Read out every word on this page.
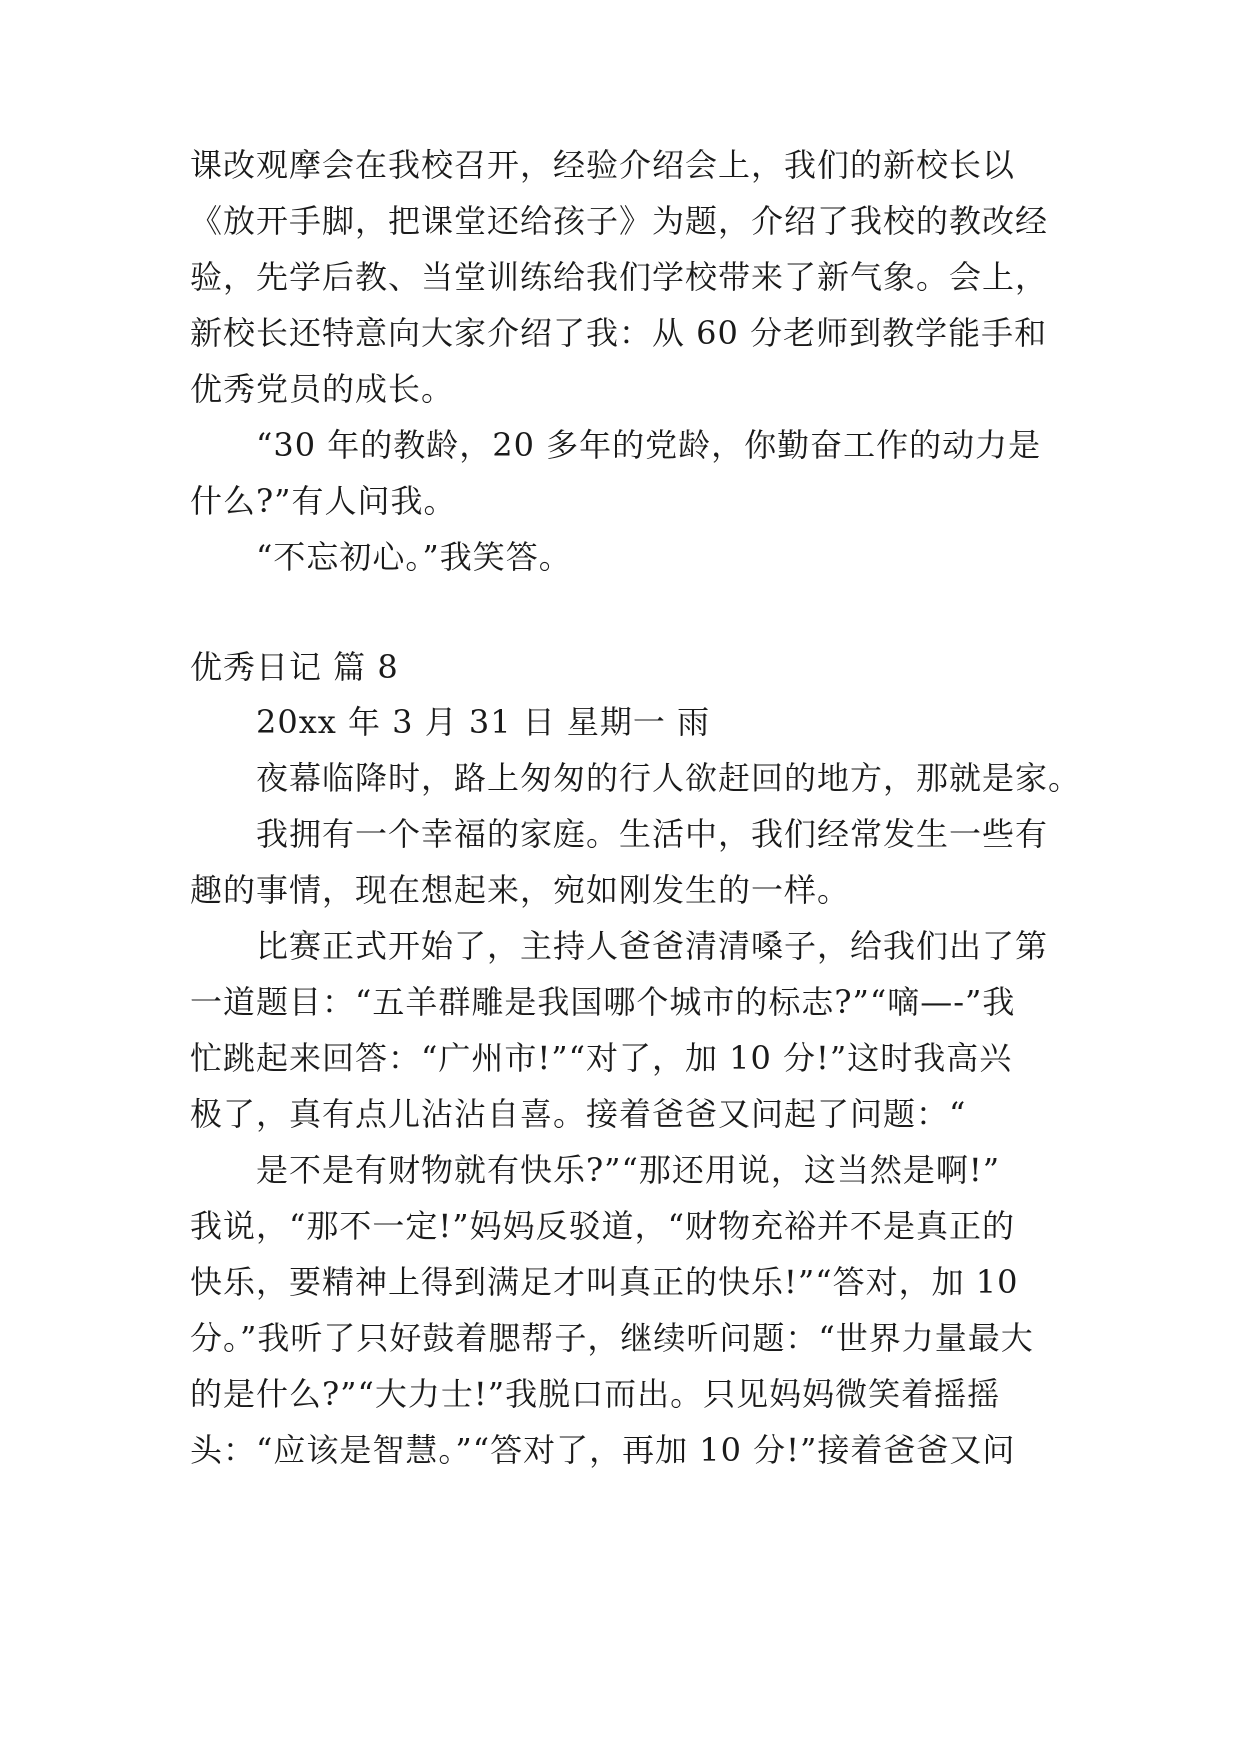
课改观摩会在我校召开，经验介绍会上，我们的新校长以
《放开手脚，把课堂还给孩子》为题，介绍了我校的教改经
验，先学后教、当堂训练给我们学校带来了新气象。会上，
新校长还特意向大家介绍了我：从 60 分老师到教学能手和
优秀党员的成长。
“30 年的教龄，20 多年的党龄，你勤奋工作的动力是
什么?”有人问我。
“不忘初心。”我笑答。
优秀日记 篇 8
20xx 年 3 月 31 日 星期一 雨
夜幕临降时，路上匆匆的行人欲赶回的地方，那就是家。
我拥有一个幸福的家庭。生活中，我们经常发生一些有
趣的事情，现在想起来，宛如刚发生的一样。
比赛正式开始了，主持人爸爸清清嗓子，给我们出了第
一道题目：“五羊群雕是我国哪个城市的标志?”“嘀—-”我
忙跳起来回答：“广州市!”“对了，加 10 分!”这时我高兴
极了，真有点儿沾沾自喜。接着爸爸又问起了问题：“
是不是有财物就有快乐?”“那还用说，这当然是啊!”
我说，“那不一定!”妈妈反驳道，“财物充裕并不是真正的
快乐，要精神上得到满足才叫真正的快乐!”“答对，加 10
分。”我听了只好鼓着腮帮子，继续听问题：“世界力量最大
的是什么?”“大力士!”我脱口而出。只见妈妈微笑着摇摇
头：“应该是智慧。”“答对了，再加 10 分!”接着爸爸又问
